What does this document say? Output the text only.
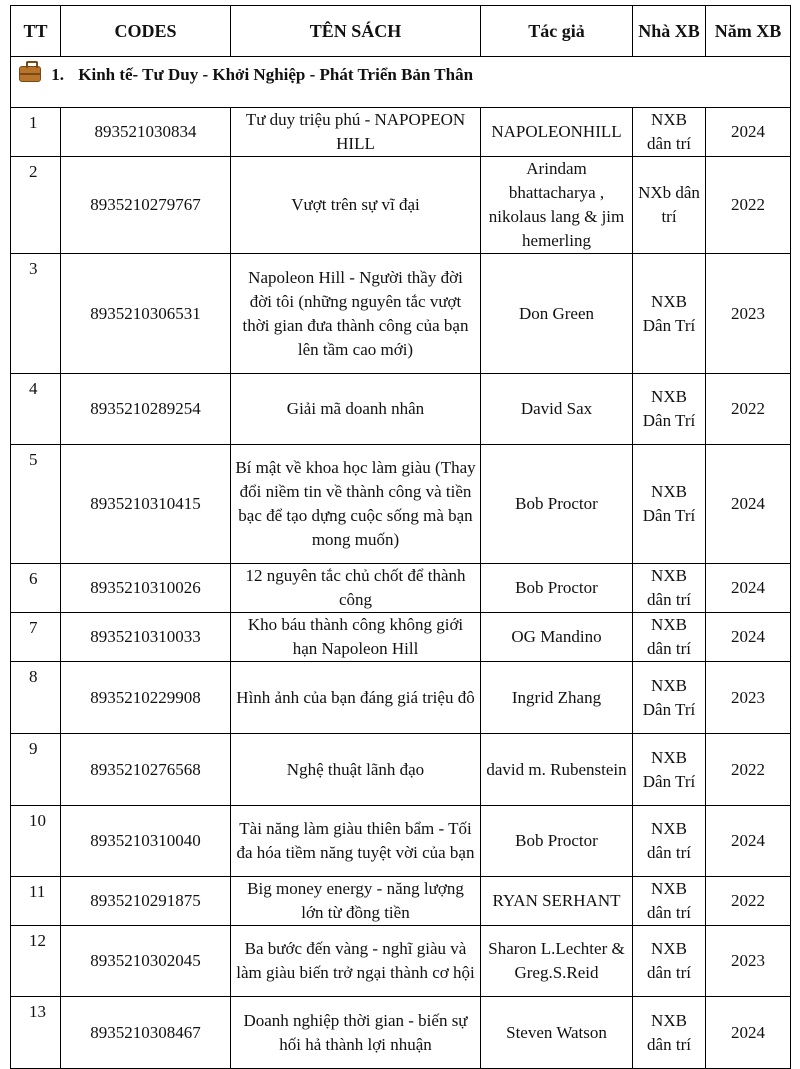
TT	CODES	TÊN SÁCH	Tác giả	Nhà XB	Năm XB
1. Kinh tế- Tư Duy - Khởi Nghiệp - Phát Triển Bản Thân					
1	893521030834	Tư duy triệu phú - NAPOPEON HILL	NAPOLEONHILL	NXB dân trí	2024
2	8935210279767	Vượt trên sự vĩ đại	Arindam bhattacharya , nikolaus lang & jim hemerling	NXb dân trí	2022
3	8935210306531	Napoleon Hill - Người thầy đời đời tôi (những nguyên tắc vượt thời gian đưa thành công của bạn lên tầm cao mới)	Don Green	NXB Dân Trí	2023
4	8935210289254	Giải mã doanh nhân	David Sax	NXB Dân Trí	2022
5	8935210310415	Bí mật về khoa học làm giàu (Thay đổi niềm tin về thành công và tiền bạc để tạo dựng cuộc sống mà bạn mong muốn)	Bob Proctor	NXB Dân Trí	2024
6	8935210310026	12 nguyên tắc chủ chốt để thành công	Bob Proctor	NXB dân trí	2024
7	8935210310033	Kho báu thành công không giới hạn Napoleon Hill	OG Mandino	NXB dân trí	2024
8	8935210229908	Hình ảnh của bạn đáng giá triệu đô	Ingrid Zhang	NXB Dân Trí	2023
9	8935210276568	Nghệ thuật lãnh đạo	david m. Rubenstein	NXB Dân Trí	2022
10	8935210310040	Tài năng làm giàu thiên bẩm - Tối đa hóa tiềm năng tuyệt vời của bạn	Bob Proctor	NXB dân trí	2024
11	8935210291875	Big money energy - năng lượng lớn từ đồng tiền	RYAN SERHANT	NXB dân trí	2022
12	8935210302045	Ba bước đến vàng - nghĩ giàu và làm giàu biến trở ngại thành cơ hội	Sharon L.Lechter & Greg.S.Reid	NXB dân trí	2023
13	8935210308467	Doanh nghiệp thời gian - biến sự hối hả thành lợi nhuận	Steven Watson	NXB dân trí	2024
